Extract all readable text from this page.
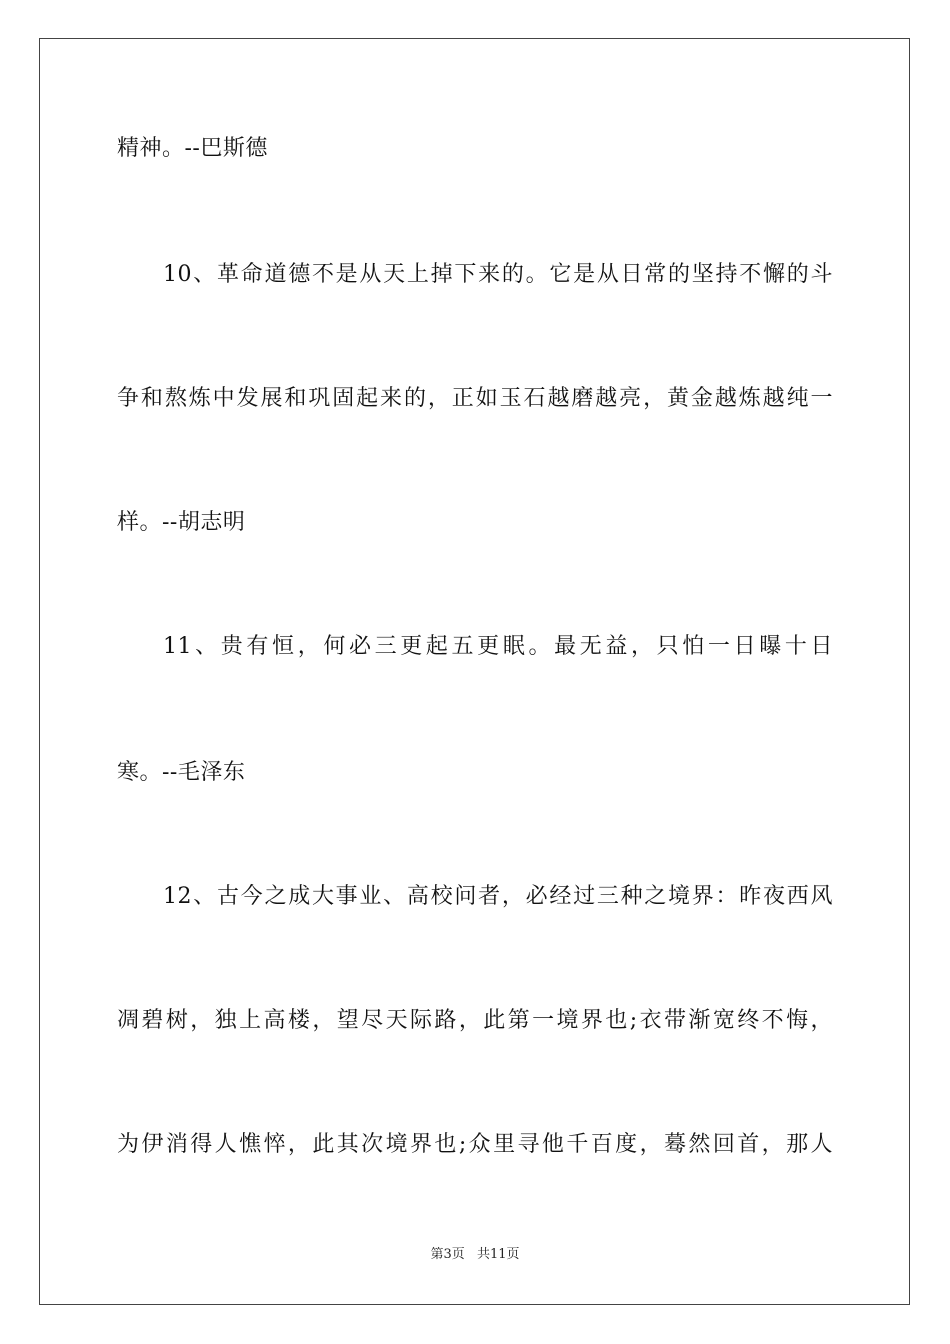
精神。--巴斯德
10、革命道德不是从天上掉下来的。它是从日常的坚持不懈的斗
争和熬炼中发展和巩固起来的，正如玉石越磨越亮，黄金越炼越纯一
样。--胡志明
11、贵有恒，何必三更起五更眠。最无益，只怕一日曝十日
寒。--毛泽东
12、古今之成大事业、高校问者，必经过三种之境界：昨夜西风
凋碧树，独上高楼，望尽天际路，此第一境界也;衣带渐宽终不悔，
为伊消得人憔悴，此其次境界也;众里寻他千百度，蓦然回首，那人
第3页 共11页
